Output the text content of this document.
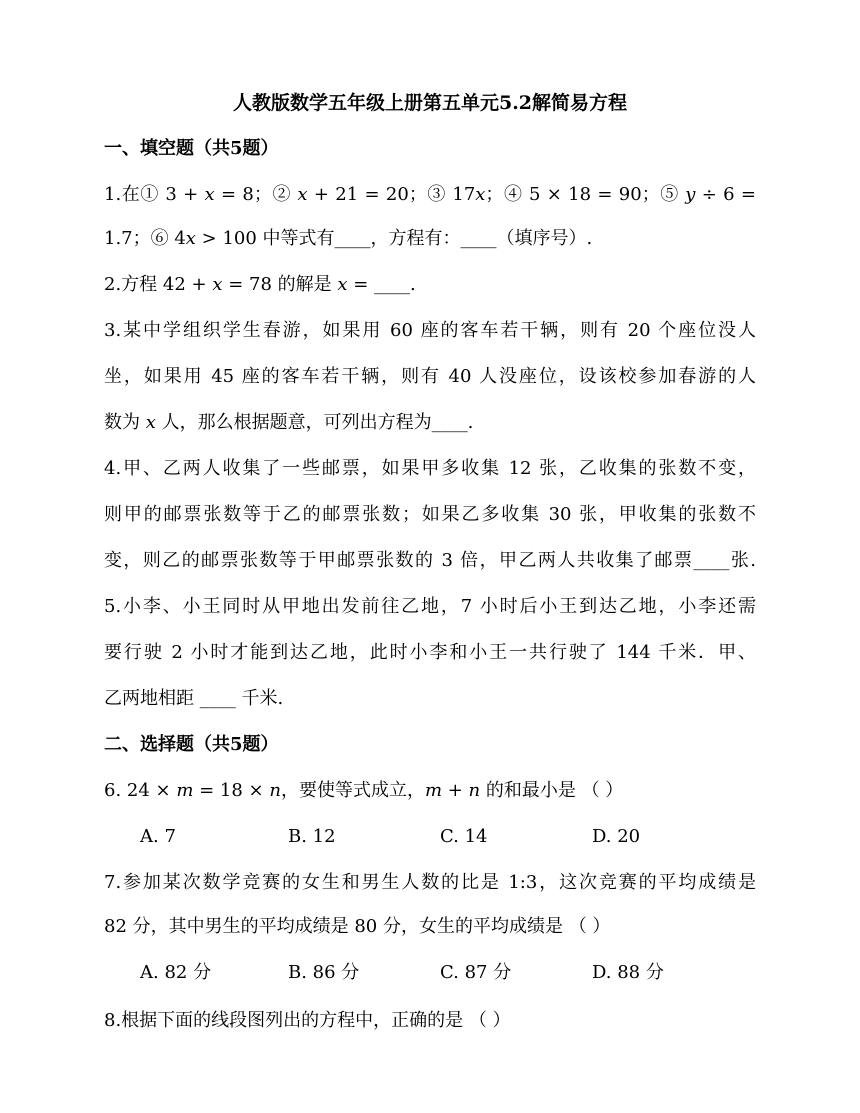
人教版数学五年级上册第五单元5.2解简易方程
一、填空题（共5题）
1.在① 3 + 𝑥 = 8；② 𝑥 + 21 = 20；③ 17𝑥；④ 5 × 18 = 90；⑤ 𝑦 ÷ 6 =
1.7；⑥ 4𝑥 > 100 中等式有____，方程有：____（填序号）.
2.方程 42 + 𝑥 = 78 的解是 𝑥 = ____.
3.某中学组织学生春游，如果用 60 座的客车若干辆，则有 20 个座位没人
坐，如果用 45 座的客车若干辆，则有 40 人没座位，设该校参加春游的人
数为 𝑥 人，那么根据题意，可列出方程为____.
4.甲、乙两人收集了一些邮票，如果甲多收集 12 张，乙收集的张数不变，
则甲的邮票张数等于乙的邮票张数；如果乙多收集 30 张，甲收集的张数不
变，则乙的邮票张数等于甲邮票张数的 3 倍，甲乙两人共收集了邮票____张.
5.小李、小王同时从甲地出发前往乙地，7 小时后小王到达乙地，小李还需
要行驶 2 小时才能到达乙地，此时小李和小王一共行驶了 144 千米．甲、
乙两地相距 ____ 千米.
二、选择题（共5题）
6. 24 × 𝑚 = 18 × 𝑛，要使等式成立，𝑚 + 𝑛 的和最小是 （ ）
A. 7	B. 12	C. 14	D. 20
7.参加某次数学竞赛的女生和男生人数的比是 1:3，这次竞赛的平均成绩是
82 分，其中男生的平均成绩是 80 分，女生的平均成绩是 （ ）
A. 82 分	B. 86 分	C. 87 分	D. 88 分
8.根据下面的线段图列出的方程中，正确的是 （ ）
